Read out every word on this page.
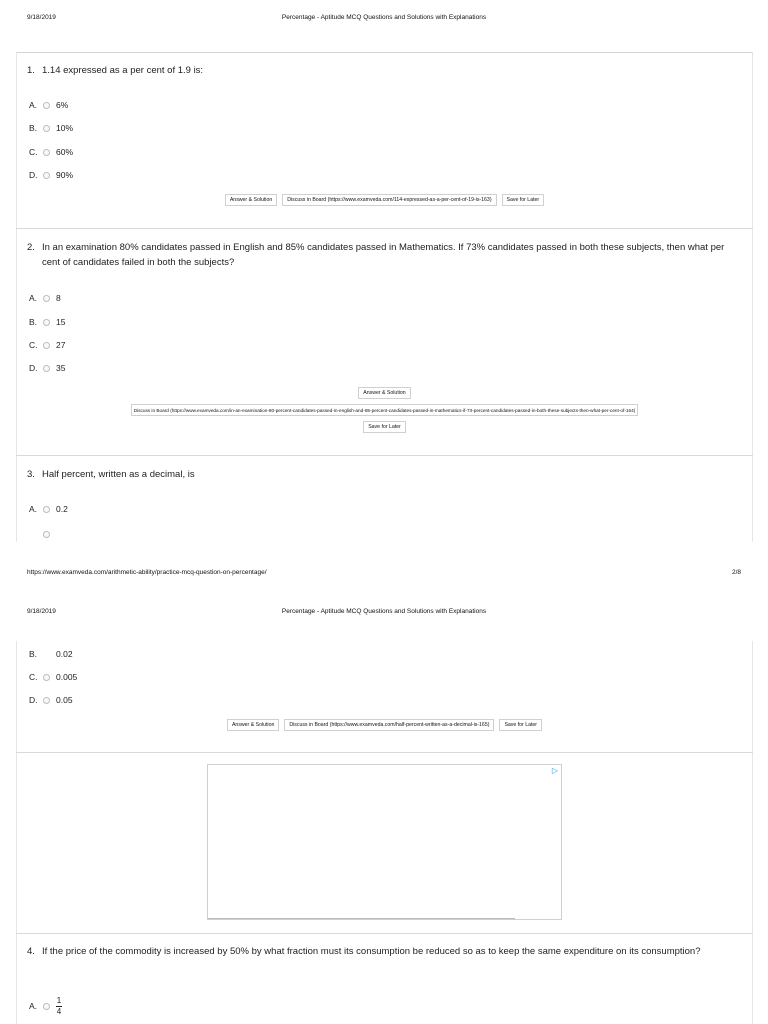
9/18/2019	Percentage - Aptitude MCQ Questions and Solutions with Explanations
1. 1.14 expressed as a per cent of 1.9 is:
A.	6%
B.	10%
C.	60%
D.	90%
Answer & Solution	Discuss in Board (https://www.examveda.com/114-expressed-as-a-per-cent-of-19-is-163)	Save for Later
2. In an examination 80% candidates passed in English and 85% candidates passed in Mathematics. If 73% candidates passed in both these subjects, then what per cent of candidates failed in both the subjects?
A.	8
B.	15
C.	27
D.	35
Answer & Solution
Discuss in Board (https://www.examveda.com/in-an-examination-80-percent-candidates-passed-in-english-and-85-percent-candidates-passed-in-mathematics-if-73-percent-candidates-passed-in-both-these-subjects-then-what-per-cent-of-164)
Save for Later
3. Half percent, written as a decimal, is
A.	0.2
https://www.examveda.com/arithmetic-ability/practice-mcq-question-on-percentage/	2/8
9/18/2019	Percentage - Aptitude MCQ Questions and Solutions with Explanations
B.	0.02
C.	0.005
D.	0.05
Answer & Solution	Discuss in Board (https://www.examveda.com/half-percent-written-as-a-decimal-is-165)	Save for Later
▷
4. If the price of the commodity is increased by 50% by what fraction must its consumption be reduced so as to keep the same expenditure on its consumption?
A.	$\frac{1}{4}$
